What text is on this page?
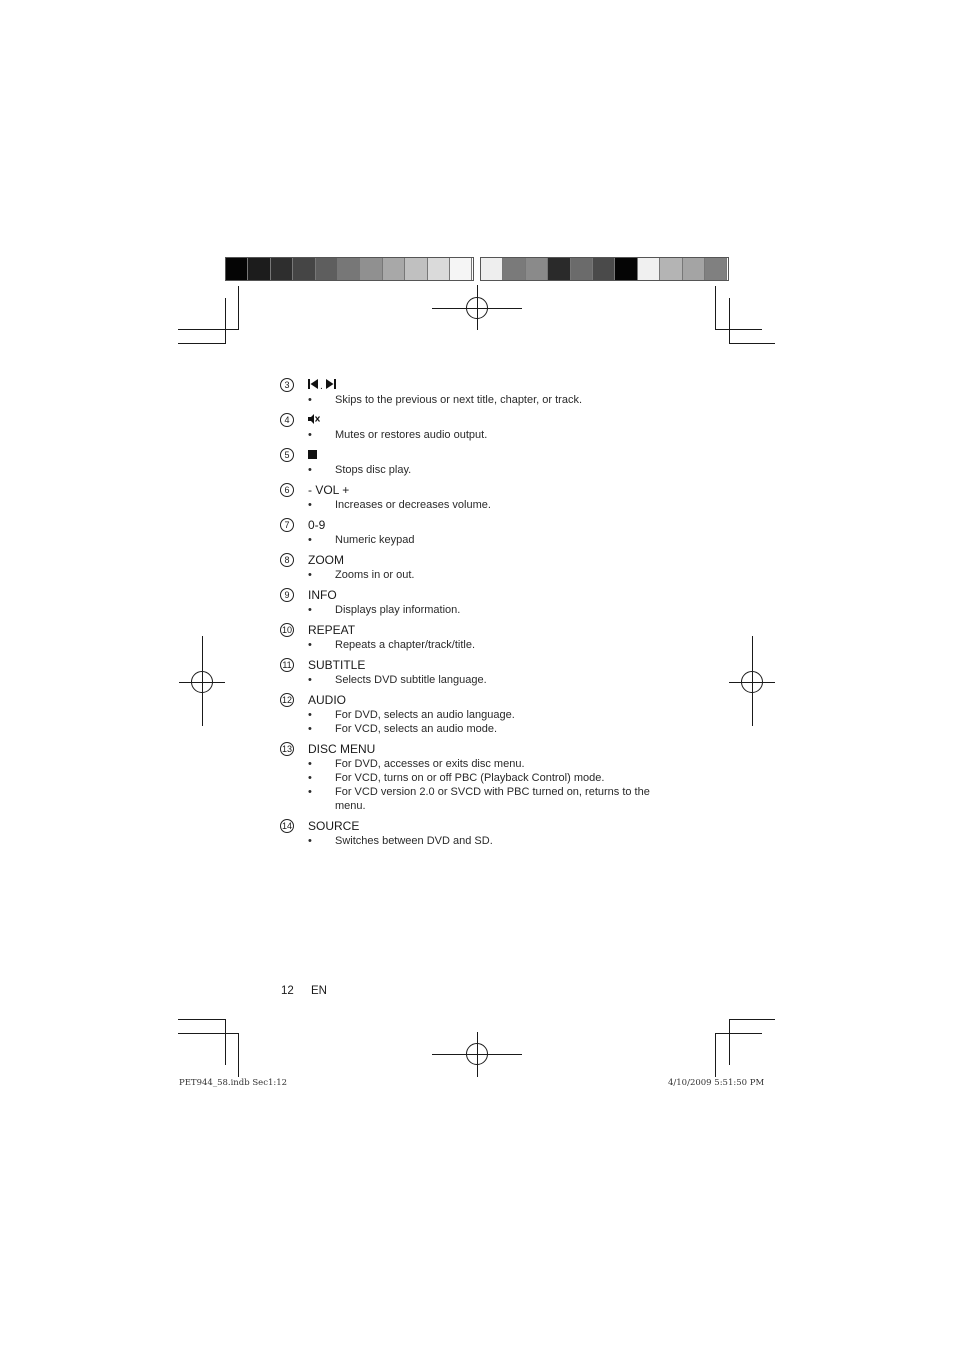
3	,
• Skips to the previous or next title, chapter, or track.
4
• Mutes or restores audio output.
5
• Stops disc play.
6	- VOL +
• Increases or decreases volume.
7	0-9
• Numeric keypad
8	ZOOM
• Zooms in or out.
9	INFO
• Displays play information.
10 REPEAT
• Repeats a chapter/track/title.
11 SUBTITLE
• Selects DVD subtitle language.
12 AUDIO
• For DVD, selects an audio language.
• For VCD, selects an audio mode.
13 DISC MENU
• For DVD, accesses or exits disc menu.
• For VCD, turns on or off PBC (Playback Control) mode.
• For VCD version 2.0 or SVCD with PBC turned on, returns to the menu.
14 SOURCE
• Switches between DVD and SD.
12 EN
PET944_58.indb Sec1:12	4/10/2009 5:51:50 PM
